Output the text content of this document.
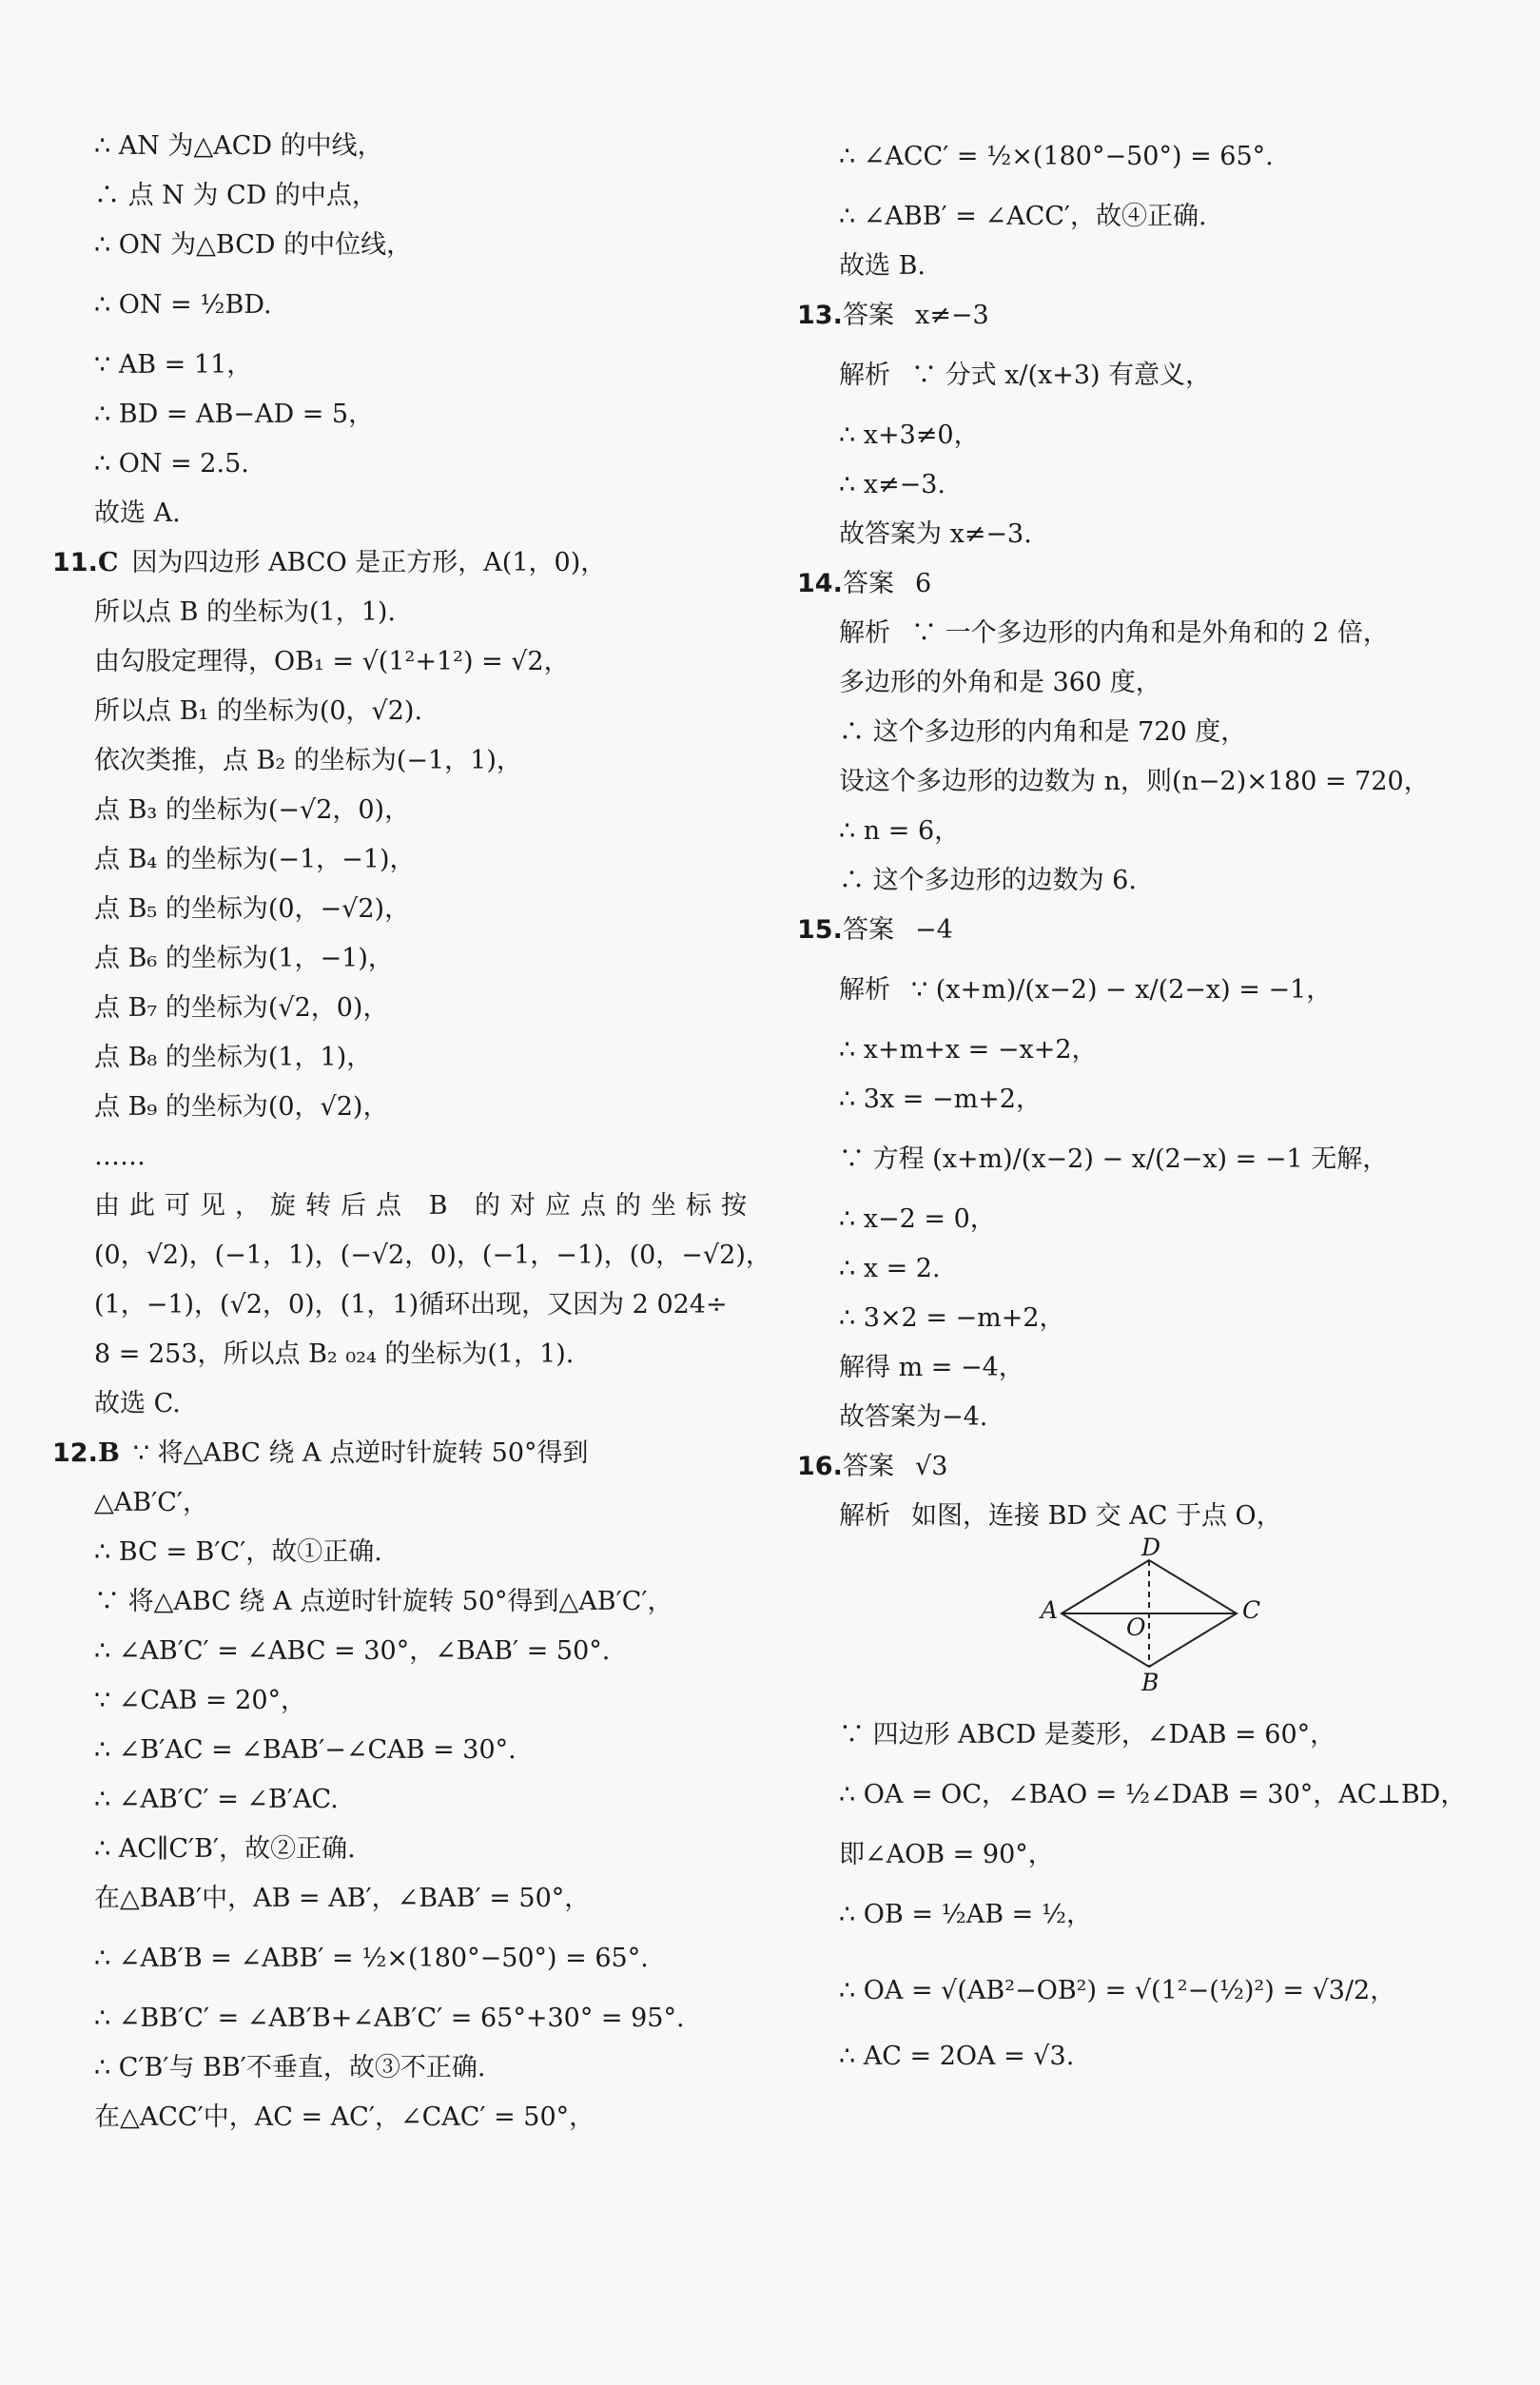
∴ AN 为△ACD 的中线，
∴ 点 N 为 CD 的中点，
∴ ON 为△BCD 的中位线，
∴ ON = ½BD.
∵ AB = 11，
∴ BD = AB−AD = 5，
∴ ON = 2.5.
故选 A.
11.C 因为四边形 ABCO 是正方形，A(1，0)，
所以点 B 的坐标为(1，1).
由勾股定理得，OB₁ = √(1²+1²) = √2，
所以点 B₁ 的坐标为(0，√2).
依次类推，点 B₂ 的坐标为(−1，1)，
点 B₃ 的坐标为(−√2，0)，
点 B₄ 的坐标为(−1，−1)，
点 B₅ 的坐标为(0，−√2)，
点 B₆ 的坐标为(1，−1)，
点 B₇ 的坐标为(√2，0)，
点 B₈ 的坐标为(1，1)，
点 B₉ 的坐标为(0，√2)，
……
由此可见，旋转后点 B 的对应点的坐标按
(0，√2)，(−1，1)，(−√2，0)，(−1，−1)，(0，−√2)，
(1，−1)，(√2，0)，(1，1)循环出现，又因为 2 024÷
8 = 253，所以点 B₂ ₀₂₄ 的坐标为(1，1).
故选 C.
12.B ∵ 将△ABC 绕 A 点逆时针旋转 50°得到
△AB′C′，
∴ BC = B′C′，故①正确.
∵ 将△ABC 绕 A 点逆时针旋转 50°得到△AB′C′，
∴ ∠AB′C′ = ∠ABC = 30°，∠BAB′ = 50°.
∵ ∠CAB = 20°，
∴ ∠B′AC = ∠BAB′−∠CAB = 30°.
∴ ∠AB′C′ = ∠B′AC.
∴ AC∥C′B′，故②正确.
在△BAB′中，AB = AB′，∠BAB′ = 50°，
∴ ∠AB′B = ∠ABB′ = ½×(180°−50°) = 65°.
∴ ∠BB′C′ = ∠AB′B+∠AB′C′ = 65°+30° = 95°.
∴ C′B′与 BB′不垂直，故③不正确.
在△ACC′中，AC = AC′，∠CAC′ = 50°，
∴ ∠ACC′ = ½×(180°−50°) = 65°.
∴ ∠ABB′ = ∠ACC′，故④正确.
故选 B.
13.答案 x≠−3
解析 ∵ 分式 x/(x+3) 有意义，
∴ x+3≠0，
∴ x≠−3.
故答案为 x≠−3.
14.答案 6
解析 ∵ 一个多边形的内角和是外角和的 2 倍，
多边形的外角和是 360 度，
∴ 这个多边形的内角和是 720 度，
设这个多边形的边数为 n，则(n−2)×180 = 720，
∴ n = 6，
∴ 这个多边形的边数为 6.
15.答案 −4
解析 ∵ (x+m)/(x−2) − x/(2−x) = −1，
∴ x+m+x = −x+2，
∴ 3x = −m+2，
∵ 方程 (x+m)/(x−2) − x/(2−x) = −1 无解，
∴ x−2 = 0，
∴ x = 2.
∴ 3×2 = −m+2，
解得 m = −4，
故答案为−4.
16.答案 √3
解析 如图，连接 BD 交 AC 于点 O，
A
D
C
B
O
∵ 四边形 ABCD 是菱形，∠DAB = 60°，
∴ OA = OC，∠BAO = ½∠DAB = 30°，AC⊥BD，
即∠AOB = 90°，
∴ OB = ½AB = ½，
∴ OA = √(AB²−OB²) = √(1²−(½)²) = √3/2，
∴ AC = 2OA = √3.
